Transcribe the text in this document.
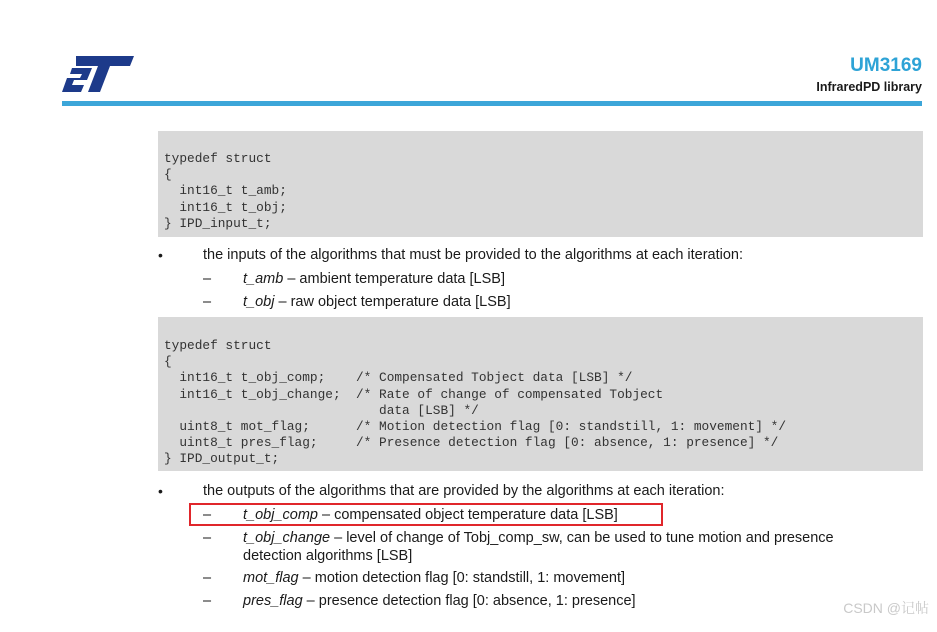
UM3169
InfraredPD library
typedef struct
{
int16_t t_amb;
int16_t t_obj;
} IPD_input_t;
•	the inputs of the algorithms that must be provided to the algorithms at each iteration:
– t_amb – ambient temperature data [LSB]
– t_obj – raw object temperature data [LSB]
typedef struct
{
int16_t t_obj_comp;    /* Compensated Tobject data [LSB] */
int16_t t_obj_change;  /* Rate of change of compensated Tobject
data [LSB] */
uint8_t mot_flag;      /* Motion detection flag [0: standstill, 1: movement] */
uint8_t pres_flag;     /* Presence detection flag [0: absence, 1: presence] */
} IPD_output_t;
•	the outputs of the algorithms that are provided by the algorithms at each iteration:
– t_obj_comp – compensated object temperature data [LSB]
– t_obj_change – level of change of Tobj_comp_sw, can be used to tune motion and presence
detection algorithms [LSB]
– mot_flag – motion detection flag [0: standstill, 1: movement]
– pres_flag – presence detection flag [0: absence, 1: presence]	CSDN @记帖
